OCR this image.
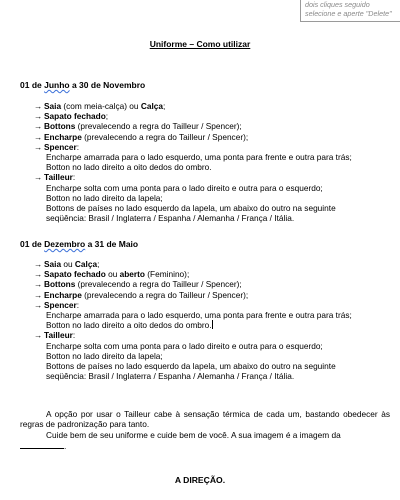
dois cliques seguido
selecione e aperte "Delete"
Uniforme – Como utilizar
01 de Junho a 30 de Novembro
→ Saia (com meia-calça) ou Calça;
→ Sapato fechado;
→ Bottons (prevalecendo a regra do Tailleur / Spencer);
→ Encharpe (prevalecendo a regra do Tailleur / Spencer);
→ Spencer:
Encharpe amarrada para o lado esquerdo, uma ponta para frente e outra para trás;
Botton no lado direito a oito dedos do ombro.
→ Tailleur:
Encharpe solta com uma ponta para o lado direito e outra para o esquerdo;
Botton no lado direito da lapela;
Bottons de países no lado esquerdo da lapela, um abaixo do outro na seguinte
seqüência: Brasil / Inglaterra / Espanha / Alemanha / França / Itália.
01 de Dezembro a 31 de Maio
→ Saia ou Calça;
→ Sapato fechado ou aberto (Feminino);
→ Bottons (prevalecendo a regra do Tailleur / Spencer);
→ Encharpe (prevalecendo a regra do Tailleur / Spencer);
→ Spencer:
Encharpe amarrada para o lado esquerdo, uma ponta para frente e outra para trás;
Botton no lado direito a oito dedos do ombro.
→ Tailleur:
Encharpe solta com uma ponta para o lado direito e outra para o esquerdo;
Botton no lado direito da lapela;
Bottons de países no lado esquerdo da lapela, um abaixo do outro na seguinte
seqüência: Brasil / Inglaterra / Espanha / Alemanha / França / Itália.
A opção por usar o Tailleur cabe à sensação térmica de cada um, bastando obedecer às regras de padronização para tanto.
Cuide bem de seu uniforme e cuide bem de você. A sua imagem é a imagem da
.
A DIREÇÃO.
